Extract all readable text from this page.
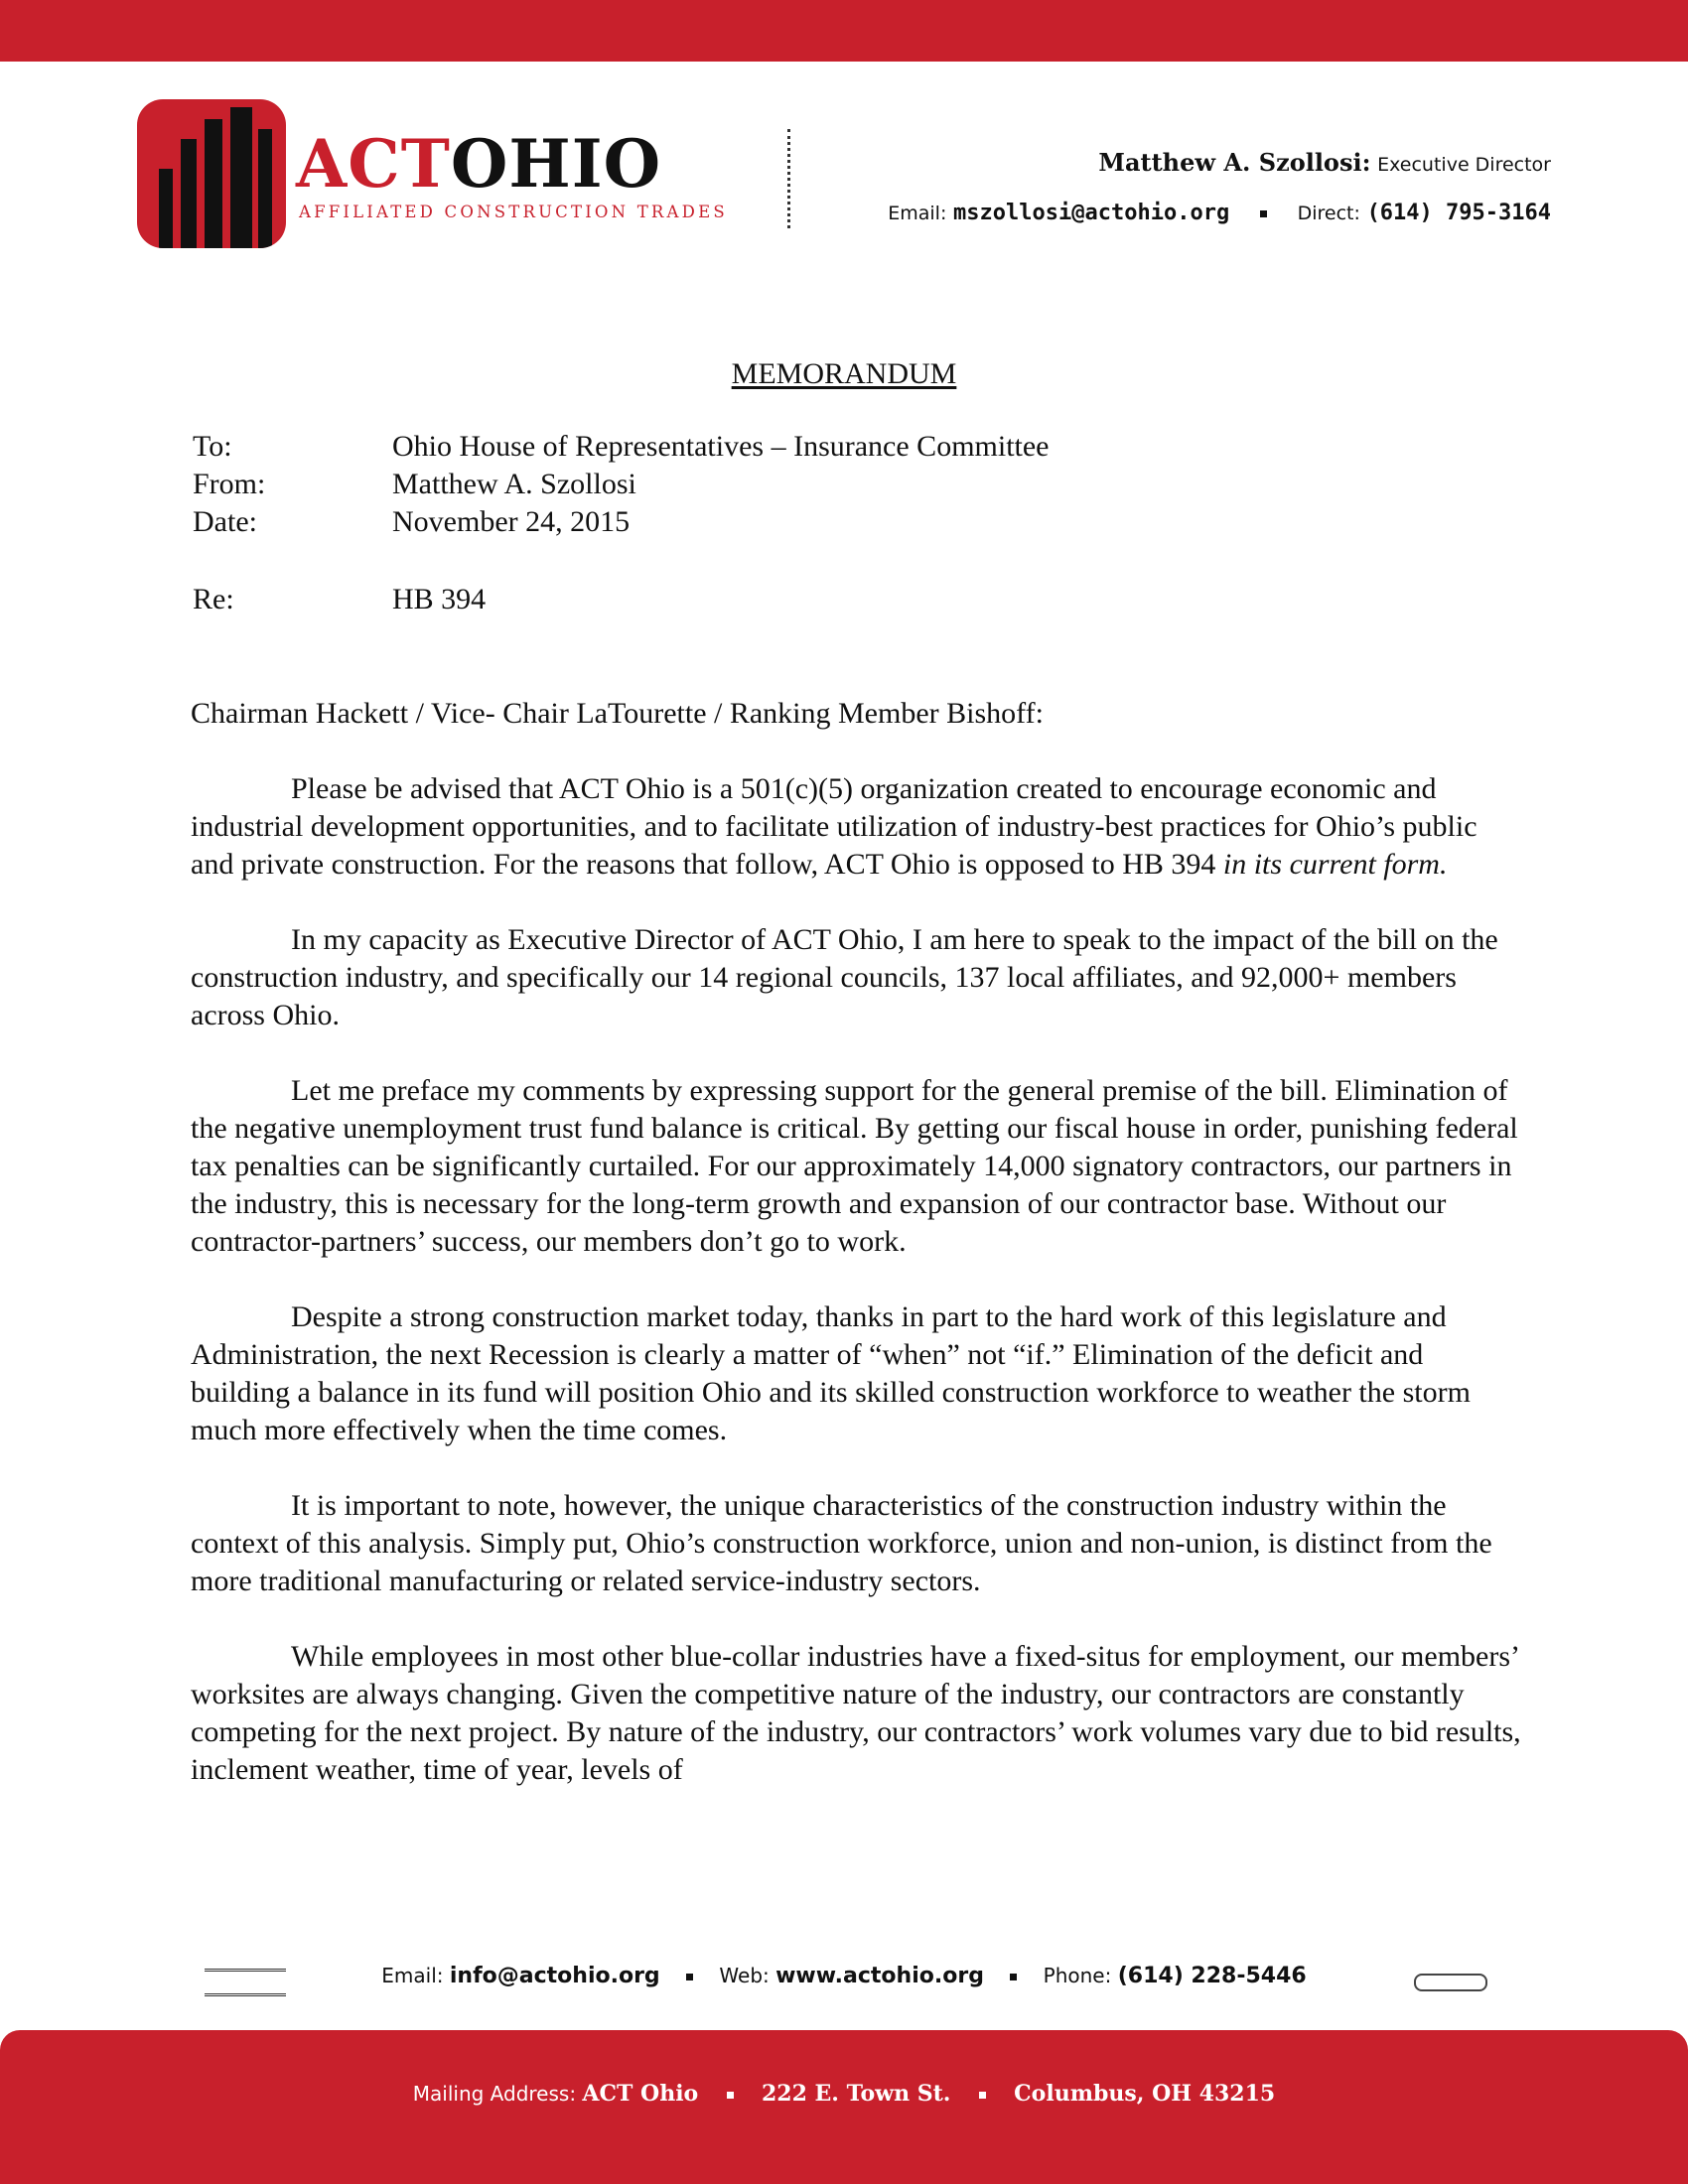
ACTOHIO
AFFILIATED CONSTRUCTION TRADES
Matthew A. Szollosi: Executive Director
Email: mszollosi@actohio.org	Direct: (614) 795-3164
MEMORANDUM
To:	Ohio House of Representatives – Insurance Committee
From:	Matthew A. Szollosi
Date:	November 24, 2015
Re:	HB 394

Chairman Hackett / Vice- Chair LaTourette / Ranking Member Bishoff:

Please be advised that ACT Ohio is a 501(c)(5) organization created to encourage economic and industrial development opportunities, and to facilitate utilization of industry-best practices for Ohio’s public and private construction. For the reasons that follow, ACT Ohio is opposed to HB 394 in its current form.

In my capacity as Executive Director of ACT Ohio, I am here to speak to the impact of the bill on the construction industry, and specifically our 14 regional councils, 137 local affiliates, and 92,000+ members across Ohio.

Let me preface my comments by expressing support for the general premise of the bill. Elimination of the negative unemployment trust fund balance is critical. By getting our fiscal house in order, punishing federal tax penalties can be significantly curtailed. For our approximately 14,000 signatory contractors, our partners in the industry, this is necessary for the long-term growth and expansion of our contractor base. Without our contractor-partners’ success, our members don’t go to work.

Despite a strong construction market today, thanks in part to the hard work of this legislature and Administration, the next Recession is clearly a matter of “when” not “if.” Elimination of the deficit and building a balance in its fund will position Ohio and its skilled construction workforce to weather the storm much more effectively when the time comes.

It is important to note, however, the unique characteristics of the construction industry within the context of this analysis. Simply put, Ohio’s construction workforce, union and non-union, is distinct from the more traditional manufacturing or related service-industry sectors.

While employees in most other blue-collar industries have a fixed-situs for employment, our members’ worksites are always changing. Given the competitive nature of the industry, our contractors are constantly competing for the next project. By nature of the industry, our contractors’ work volumes vary due to bid results, inclement weather, time of year, levels of

Email: info@actohio.org	Web: www.actohio.org	Phone: (614) 228-5446
Mailing Address: ACT Ohio	222 E. Town St.	Columbus, OH 43215
